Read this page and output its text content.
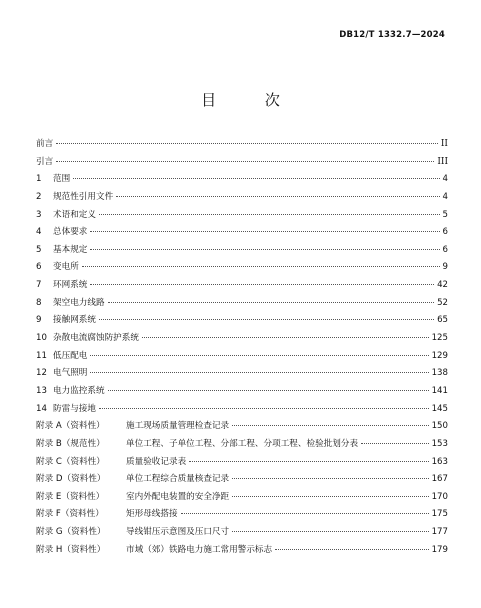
DB12/T 1332.7—2024
目 次
前言	II
引言	III
1	范围	4
2	规范性引用文件	4
3	术语和定义	5
4	总体要求	6
5	基本规定	6
6	变电所	9
7	环网系统	42
8	架空电力线路	52
9	接触网系统	65
10 杂散电流腐蚀防护系统	125
11 低压配电	129
12 电气照明	138
13 电力监控系统	141
14 防雷与接地	145
附录 A（资料性）	施工现场质量管理检查记录	150
附录 B（规范性）	单位工程、子单位工程、分部工程、分项工程、检验批划分表	153
附录 C（资料性）	质量验收记录表	163
附录 D（资料性）	单位工程综合质量核查记录	167
附录 E（资料性）	室内外配电装置的安全净距	170
附录 F（资料性）	矩形母线搭接	175
附录 G（资料性）	导线钳压示意图及压口尺寸	177
附录 H（资料性）	市域（郊）铁路电力施工常用警示标志	179
